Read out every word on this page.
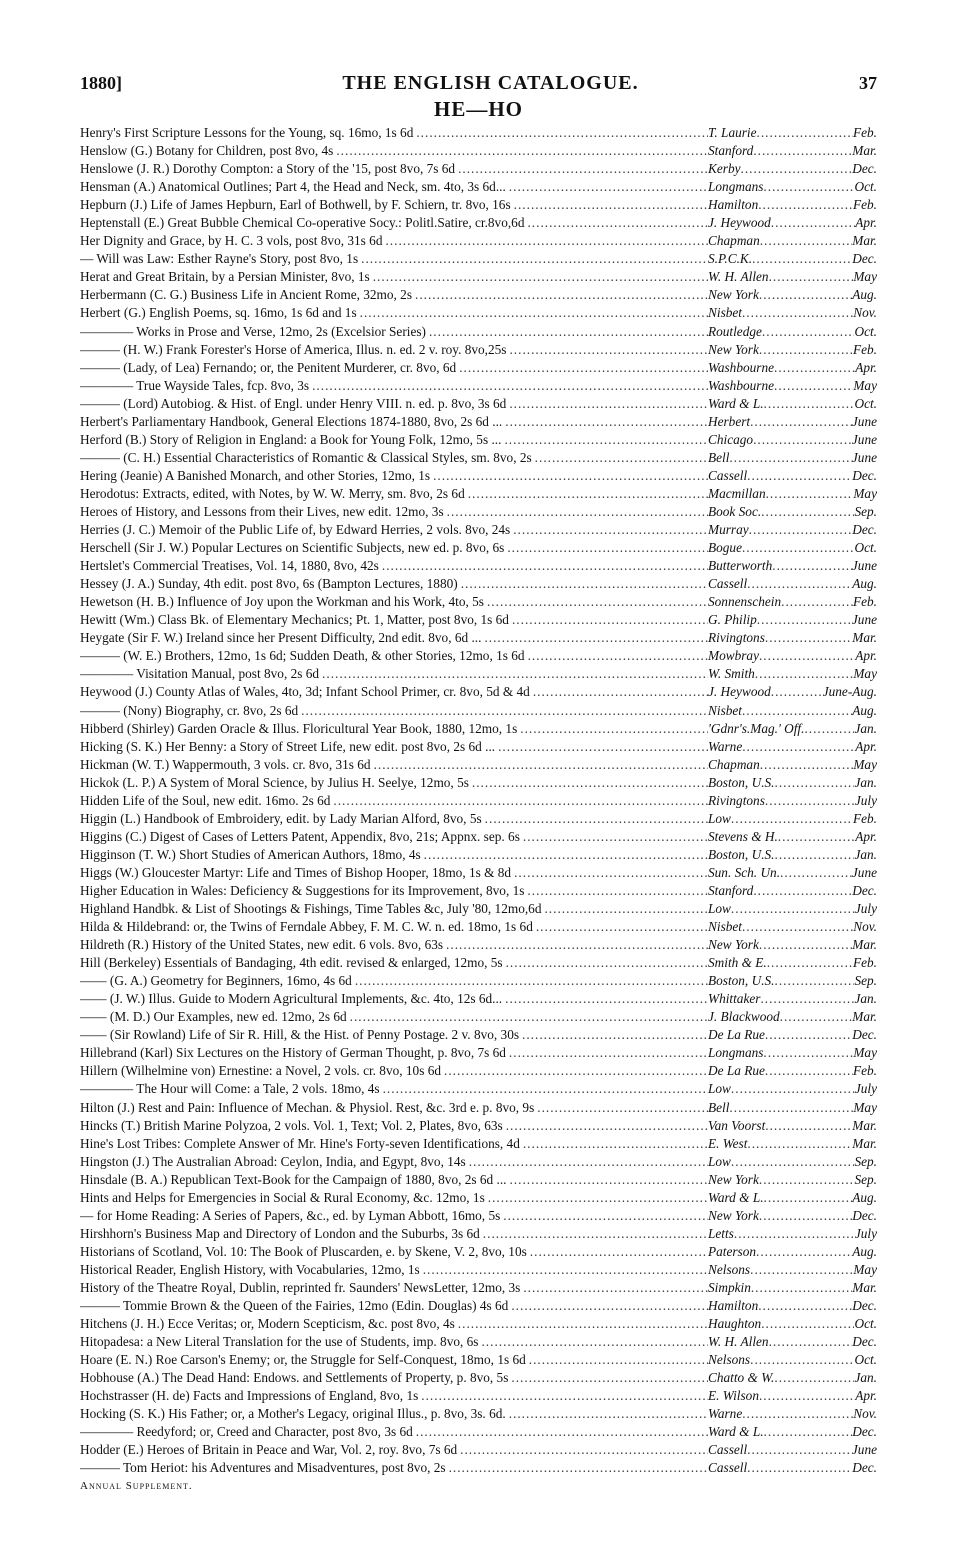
1880]	THE ENGLISH CATALOGUE.	37
HE—HO
Henry's First Scripture Lessons for the Young, sq. 16mo, 1s 6d .....	T. Laurie .....	Feb.
Henslow (G.) Botany for Children, post 8vo, 4s .....	Stanford .....	Mar.
Henslowe (J. R.) Dorothy Compton: a Story of the '15, post 8vo, 7s 6d .....	Kerby .....	Dec.
Hensman (A.) Anatomical Outlines; Part 4, the Head and Neck, sm. 4to, 3s 6d... .....	Longmans .....	Oct.
Hepburn (J.) Life of James Hepburn, Earl of Bothwell, by F. Schiern, tr. 8vo, 16s .....	Hamilton .....	Feb.
Heptenstall (E.) Great Bubble Chemical Co-operative Socy.: Politl.Satire, cr.8vo,6d .....	J. Heywood .....	Apr.
Her Dignity and Grace, by H. C. 3 vols, post 8vo, 31s 6d .....	Chapman .....	Mar.
— Will was Law: Esther Rayne's Story, post 8vo, 1s .....	S.P.C.K. .....	Dec.
Herat and Great Britain, by a Persian Minister, 8vo, 1s .....	W. H. Allen .....	May
Herbermann (C. G.) Business Life in Ancient Rome, 32mo, 2s .....	New York .....	Aug.
Herbert (G.) English Poems, sq. 16mo, 1s 6d and 1s .....	Nisbet .....	Nov.
———— Works in Prose and Verse, 12mo, 2s (Excelsior Series) .....	Routledge .....	Oct.
——— (H. W.) Frank Forester's Horse of America, Illus. n. ed. 2 v. roy. 8vo,25s .....	New York .....	Feb.
——— (Lady, of Lea) Fernando; or, the Penitent Murderer, cr. 8vo, 6d .....	Washbourne .....	Apr.
———— True Wayside Tales, fcp. 8vo, 3s .....	Washbourne .....	May
——— (Lord) Autobiog. & Hist. of Engl. under Henry VIII. n. ed. p. 8vo, 3s 6d .....	Ward & L. .....	Oct.
Herbert's Parliamentary Handbook, General Elections 1874-1880, 8vo, 2s 6d ... .....	Herbert .....	June
Herford (B.) Story of Religion in England: a Book for Young Folk, 12mo, 5s ... .....	Chicago .....	June
——— (C. H.) Essential Characteristics of Romantic & Classical Styles, sm. 8vo, 2s .....	Bell .....	June
Hering (Jeanie) A Banished Monarch, and other Stories, 12mo, 1s .....	Cassell .....	Dec.
Herodotus: Extracts, edited, with Notes, by W. W. Merry, sm. 8vo, 2s 6d .....	Macmillan .....	May
Heroes of History, and Lessons from their Lives, new edit. 12mo, 3s .....	Book Soc. .....	Sep.
Herries (J. C.) Memoir of the Public Life of, by Edward Herries, 2 vols. 8vo, 24s .....	Murray .....	Dec.
Herschell (Sir J. W.) Popular Lectures on Scientific Subjects, new ed. p. 8vo, 6s .....	Bogue .....	Oct.
Hertslet's Commercial Treatises, Vol. 14, 1880, 8vo, 42s .....	Butterworth .....	June
Hessey (J. A.) Sunday, 4th edit. post 8vo, 6s (Bampton Lectures, 1880) .....	Cassell .....	Aug.
Hewetson (H. B.) Influence of Joy upon the Workman and his Work, 4to, 5s .....	Sonnenschein .....	Feb.
Hewitt (Wm.) Class Bk. of Elementary Mechanics; Pt. 1, Matter, post 8vo, 1s 6d .....	G. Philip .....	June
Heygate (Sir F. W.) Ireland since her Present Difficulty, 2nd edit. 8vo, 6d ... .....	Rivingtons .....	Mar.
——— (W. E.) Brothers, 12mo, 1s 6d; Sudden Death, & other Stories, 12mo, 1s 6d .....	Mowbray .....	Apr.
———— Visitation Manual, post 8vo, 2s 6d .....	W. Smith .....	May
Heywood (J.) County Atlas of Wales, 4to, 3d; Infant School Primer, cr. 8vo, 5d & 4d .....	J. Heywood .....	June-Aug.
——— (Nony) Biography, cr. 8vo, 2s 6d .....	Nisbet .....	Aug.
Hibberd (Shirley) Garden Oracle & Illus. Floricultural Year Book, 1880, 12mo, 1s .....	'Gdnr's.Mag.' Off. .....	Jan.
Hicking (S. K.) Her Benny: a Story of Street Life, new edit. post 8vo, 2s 6d ... .....	Warne .....	Apr.
Hickman (W. T.) Wappermouth, 3 vols. cr. 8vo, 31s 6d .....	Chapman .....	May
Hickok (L. P.) A System of Moral Science, by Julius H. Seelye, 12mo, 5s .....	Boston, U.S. .....	Jan.
Hidden Life of the Soul, new edit. 16mo. 2s 6d .....	Rivingtons .....	July
Higgin (L.) Handbook of Embroidery, edit. by Lady Marian Alford, 8vo, 5s .....	Low .....	Feb.
Higgins (C.) Digest of Cases of Letters Patent, Appendix, 8vo, 21s; Appnx. sep. 6s .....	Stevens & H. .....	Apr.
Higginson (T. W.) Short Studies of American Authors, 18mo, 4s .....	Boston, U.S. .....	Jan.
Higgs (W.) Gloucester Martyr: Life and Times of Bishop Hooper, 18mo, 1s & 8d .....	Sun. Sch. Un. .....	June
Higher Education in Wales: Deficiency & Suggestions for its Improvement, 8vo, 1s .....	Stanford .....	Dec.
Highland Handbk. & List of Shootings & Fishings, Time Tables &c, July '80, 12mo,6d .....	Low .....	July
Hilda & Hildebrand: or, the Twins of Ferndale Abbey, F. M. C. W. n. ed. 18mo, 1s 6d .....	Nisbet .....	Nov.
Hildreth (R.) History of the United States, new edit. 6 vols. 8vo, 63s .....	New York .....	Mar.
Hill (Berkeley) Essentials of Bandaging, 4th edit. revised & enlarged, 12mo, 5s .....	Smith & E. .....	Feb.
—— (G. A.) Geometry for Beginners, 16mo, 4s 6d .....	Boston, U.S. .....	Sep.
—— (J. W.) Illus. Guide to Modern Agricultural Implements, &c. 4to, 12s 6d... .....	Whittaker .....	Jan.
—— (M. D.) Our Examples, new ed. 12mo, 2s 6d .....	J. Blackwood .....	Mar.
—— (Sir Rowland) Life of Sir R. Hill, & the Hist. of Penny Postage. 2 v. 8vo, 30s .....	De La Rue .....	Dec.
Hillebrand (Karl) Six Lectures on the History of German Thought, p. 8vo, 7s 6d .....	Longmans .....	May
Hillern (Wilhelmine von) Ernestine: a Novel, 2 vols. cr. 8vo, 10s 6d .....	De La Rue .....	Feb.
———— The Hour will Come: a Tale, 2 vols. 18mo, 4s .....	Low .....	July
Hilton (J.) Rest and Pain: Influence of Mechan. & Physiol. Rest, &c. 3rd e. p. 8vo, 9s .....	Bell .....	May
Hincks (T.) British Marine Polyzoa, 2 vols. Vol. 1, Text; Vol. 2, Plates, 8vo, 63s .....	Van Voorst .....	Mar.
Hine's Lost Tribes: Complete Answer of Mr. Hine's Forty-seven Identifications, 4d .....	E. West .....	Mar.
Hingston (J.) The Australian Abroad: Ceylon, India, and Egypt, 8vo, 14s .....	Low .....	Sep.
Hinsdale (B. A.) Republican Text-Book for the Campaign of 1880, 8vo, 2s 6d ... .....	New York .....	Sep.
Hints and Helps for Emergencies in Social & Rural Economy, &c. 12mo, 1s .....	Ward & L. .....	Aug.
— for Home Reading: A Series of Papers, &c., ed. by Lyman Abbott, 16mo, 5s .....	New York .....	Dec.
Hirshhorn's Business Map and Directory of London and the Suburbs, 3s 6d .....	Letts .....	July
Historians of Scotland, Vol. 10: The Book of Pluscarden, e. by Skene, V. 2, 8vo, 10s .....	Paterson .....	Aug.
Historical Reader, English History, with Vocabularies, 12mo, 1s .....	Nelsons .....	May
History of the Theatre Royal, Dublin, reprinted fr. Saunders' NewsLetter, 12mo, 3s .....	Simpkin .....	Mar.
——— Tommie Brown & the Queen of the Fairies, 12mo (Edin. Douglas) 4s 6d .....	Hamilton .....	Dec.
Hitchens (J. H.) Ecce Veritas; or, Modern Scepticism, &c. post 8vo, 4s .....	Haughton .....	Oct.
Hitopadesa: a New Literal Translation for the use of Students, imp. 8vo, 6s .....	W. H. Allen .....	Dec.
Hoare (E. N.) Roe Carson's Enemy; or, the Struggle for Self-Conquest, 18mo, 1s 6d .....	Nelsons .....	Oct.
Hobhouse (A.) The Dead Hand: Endows. and Settlements of Property, p. 8vo, 5s .....	Chatto & W. .....	Jan.
Hochstrasser (H. de) Facts and Impressions of England, 8vo, 1s .....	E. Wilson .....	Apr.
Hocking (S. K.) His Father; or, a Mother's Legacy, original Illus., p. 8vo, 3s. 6d. .....	Warne .....	Nov.
———— Reedyford; or, Creed and Character, post 8vo, 3s 6d .....	Ward & L. .....	Dec.
Hodder (E.) Heroes of Britain in Peace and War, Vol. 2, roy. 8vo, 7s 6d .....	Cassell .....	June
——— Tom Heriot: his Adventures and Misadventures, post 8vo, 2s .....	Cassell .....	Dec.
Annual Supplement.
